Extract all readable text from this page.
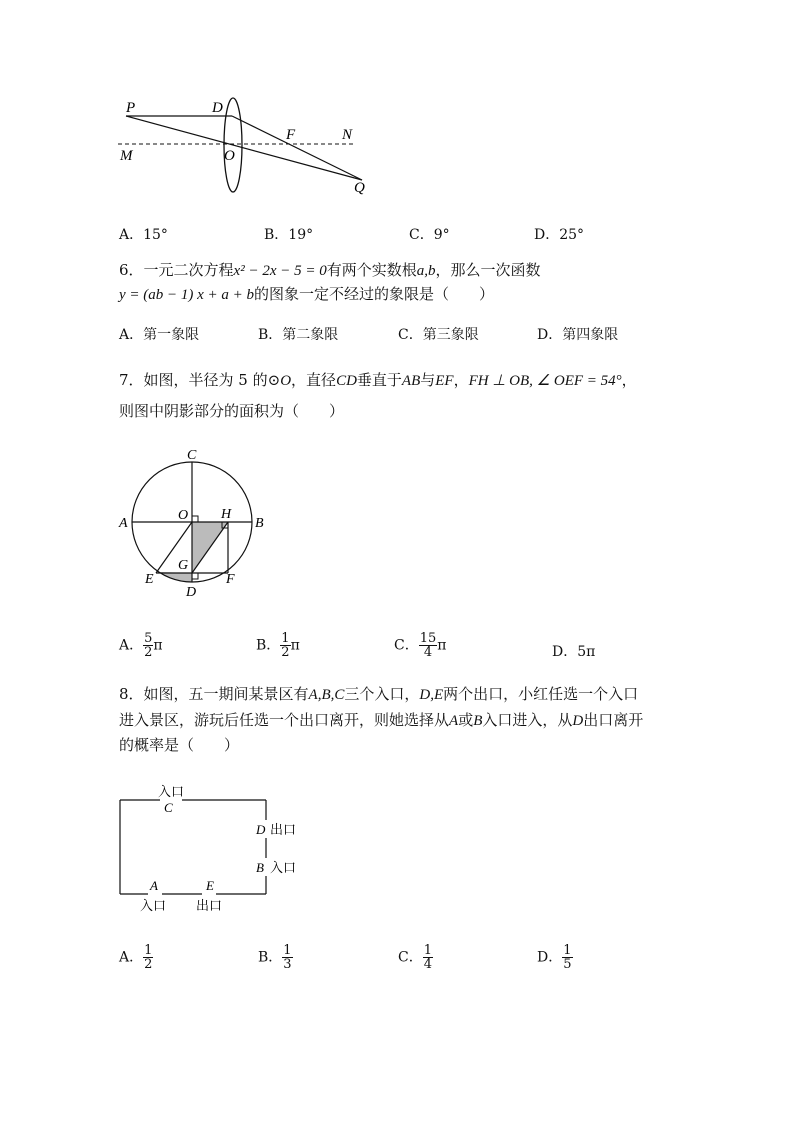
P	D
F	N
M	O
Q
A．15°	B．19°	C．9°	D．25°
6．一元二次方程x² − 2x − 5 = 0有两个实数根a,b，那么一次函数
y = (ab − 1) x + a + b的图象一定不经过的象限是（　　）
A．第一象限	B．第二象限	C．第三象限	D．第四象限
7．如图，半径为 5 的⊙O，直径CD垂直于AB与EF，FH ⊥ OB, ∠ OEF = 54°，
则图中阴影部分的面积为（　　）
C
A
O H
B
G
E
D
F
A． $\frac{5}{2}$ π	B． $\frac{1}{2}$ π	C． $\frac{15}{4}$ π	D．5π
8．如图，五一期间某景区有A,B,C三个入口，D,E两个出口，小红任选一个入口
进入景区，游玩后任选一个出口离开，则她选择从A或B入口进入，从D出口离开
的概率是（　　）
入口
C
D 出口
B 入口
A	E
入口 出口
A． $\frac{1}{2}$	B． $\frac{1}{3}$	C． $\frac{1}{4}$	D． $\frac{1}{5}$
